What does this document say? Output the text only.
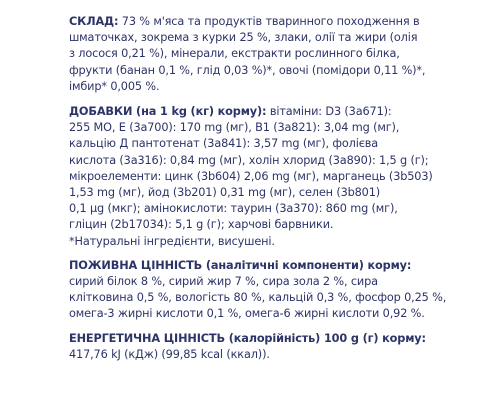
СКЛАД: 73 % м'яса та продуктів тваринного походження в

шматочках, зокрема з курки 25 %, злаки, олії та жири (олія

з лосося 0,21 %), мінерали, екстракти рослинного білка,

фрукти (банан 0,1 %, глід 0,03 %)*, овочі (помідори 0,11 %)*,

імбир* 0,005 %.

ДОБАВКИ (на 1 kg (кг) корму): вітаміни: D3 (3a671):

255 МО, Е (3a700): 170 mg (мг), В1 (3a821): 3,04 mg (мг),

кальцію Д пантотенат (3a841): 3,57 mg (мг), фолієва

кислота (3a316): 0,84 mg (мг), холін хлорид (3a890): 1,5 g (г);

мікроелементи: цинк (3b604) 2,06 mg (мг), марганець (3b503)

1,53 mg (мг), йод (3b201) 0,31 mg (мг), селен (3b801)

0,1 µg (мкг); амінокислоти: таурин (3a370): 860 mg (мг),

гліцин (2b17034): 5,1 g (г); харчові барвники.

*Натуральні інгредієнти, висушені.

ПОЖИВНА ЦІННІСТЬ (аналітичні компоненти) корму:

сирий білок 8 %, сирий жир 7 %, сира зола 2 %, сира

клітковина 0,5 %, вологість 80 %, кальцій 0,3 %, фосфор 0,25 %,

омега-3 жирні кислоти 0,1 %, омега-6 жирні кислоти 0,92 %.

ЕНЕРГЕТИЧНА ЦІННІСТЬ (калорійність) 100 g (г) корму:

417,76 kJ (кДж) (99,85 kcal (ккал)).
